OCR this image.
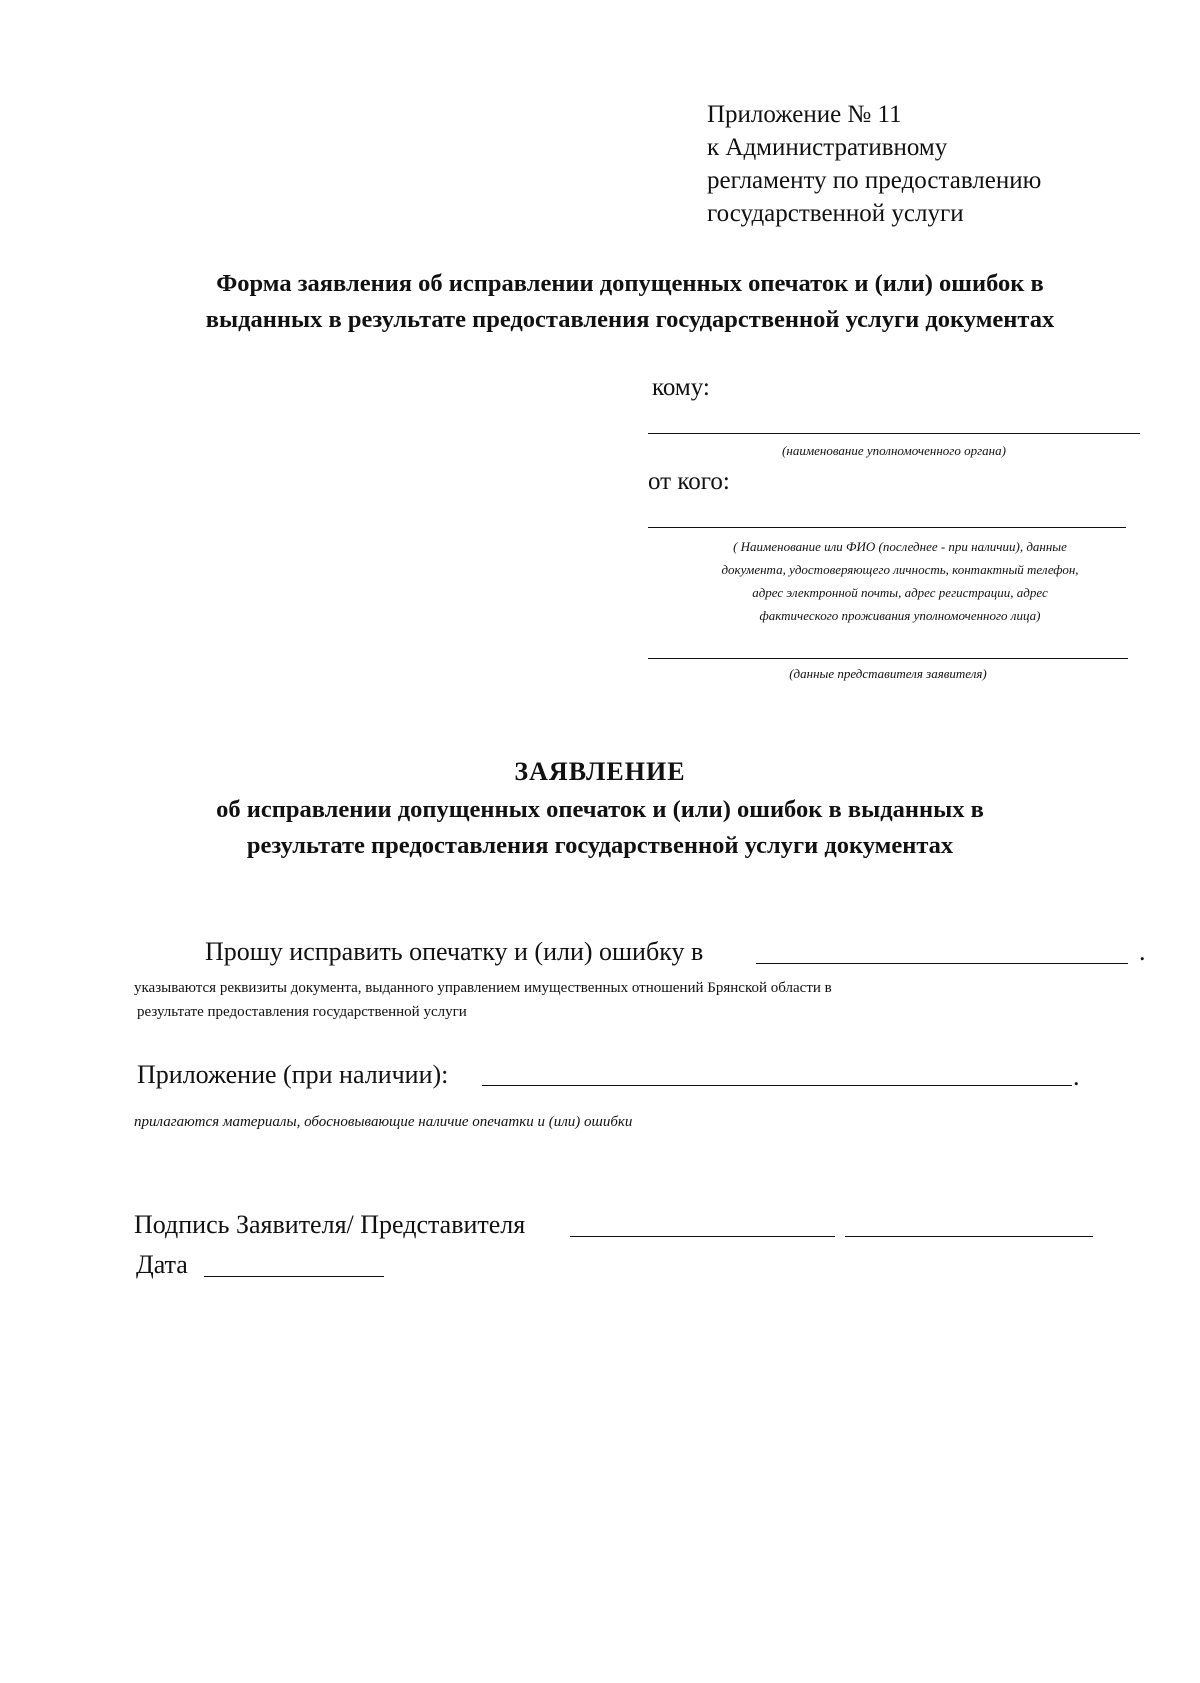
Приложение № 11
к Административному
регламенту по предоставлению
государственной услуги
Форма заявления об исправлении допущенных опечаток и (или) ошибок в
выданных в результате предоставления государственной услуги документах
кому:
(наименование уполномоченного органа)
от кого:
( Наименование или ФИО (последнее - при наличии), данные
документа, удостоверяющего личность, контактный телефон,
адрес электронной почты, адрес регистрации, адрес
фактического проживания уполномоченного лица)
(данные представителя заявителя)
ЗАЯВЛЕНИЕ
об исправлении допущенных опечаток и (или) ошибок в выданных в
результате предоставления государственной услуги документах
Прошу исправить опечатку и (или) ошибку в	.
указываются реквизиты документа, выданного управлением имущественных отношений Брянской области в
результате предоставления государственной услуги
Приложение (при наличии):	.
прилагаются материалы, обосновывающие наличие опечатки и (или) ошибки
Подпись Заявителя/ Представителя
Дата
